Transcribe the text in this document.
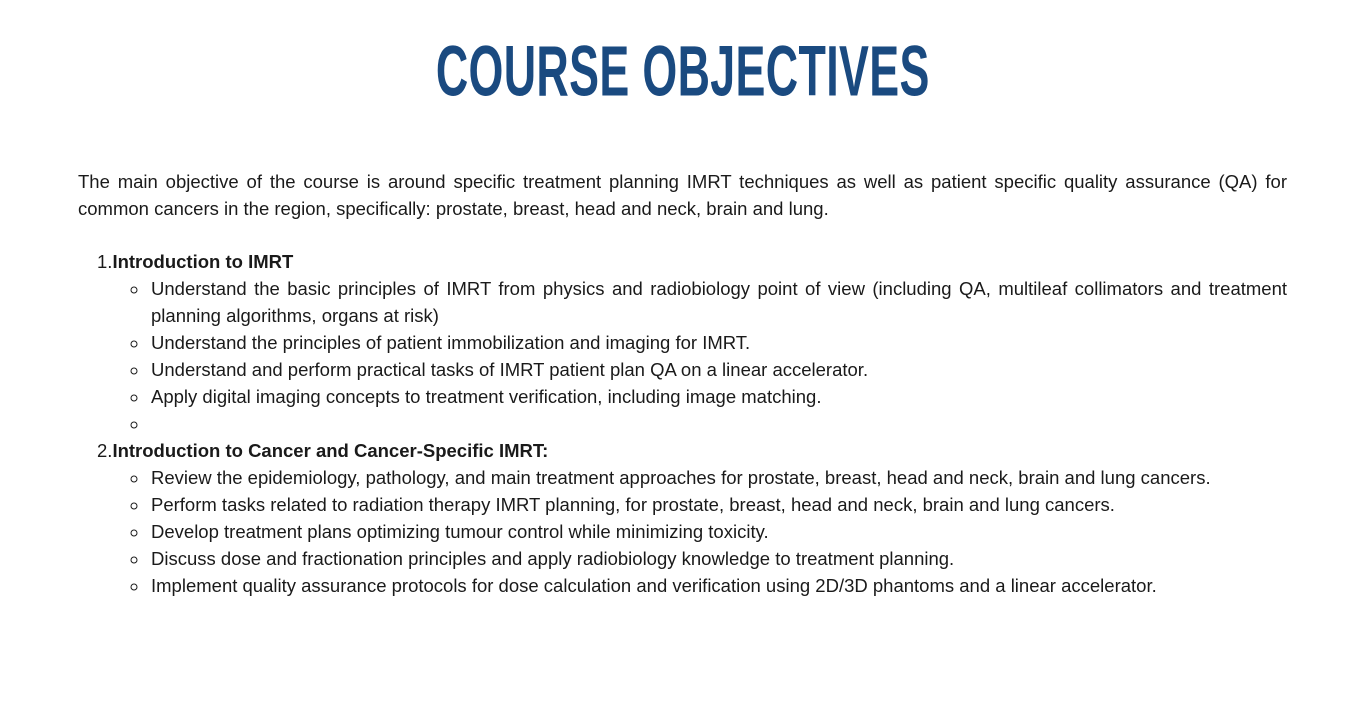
COURSE OBJECTIVES

The main objective of the course is around specific treatment planning IMRT techniques as well as patient specific quality assurance (QA) for common cancers in the region, specifically: prostate, breast, head and neck, brain and lung.

1.Introduction to IMRT
◦ Understand the basic principles of IMRT from physics and radiobiology point of view (including QA, multileaf collimators and treatment planning algorithms, organs at risk)
◦ Understand the principles of patient immobilization and imaging for IMRT.
◦ Understand and perform practical tasks of IMRT patient plan QA on a linear accelerator.
◦ Apply digital imaging concepts to treatment verification, including image matching.
◦
2.Introduction to Cancer and Cancer-Specific IMRT:
◦ Review the epidemiology, pathology, and main treatment approaches for prostate, breast, head and neck, brain and lung cancers.
◦ Perform tasks related to radiation therapy IMRT planning, for prostate, breast, head and neck, brain and lung cancers.
◦ Develop treatment plans optimizing tumour control while minimizing toxicity.
◦ Discuss dose and fractionation principles and apply radiobiology knowledge to treatment planning.
◦ Implement quality assurance protocols for dose calculation and verification using 2D/3D phantoms and a linear accelerator.
